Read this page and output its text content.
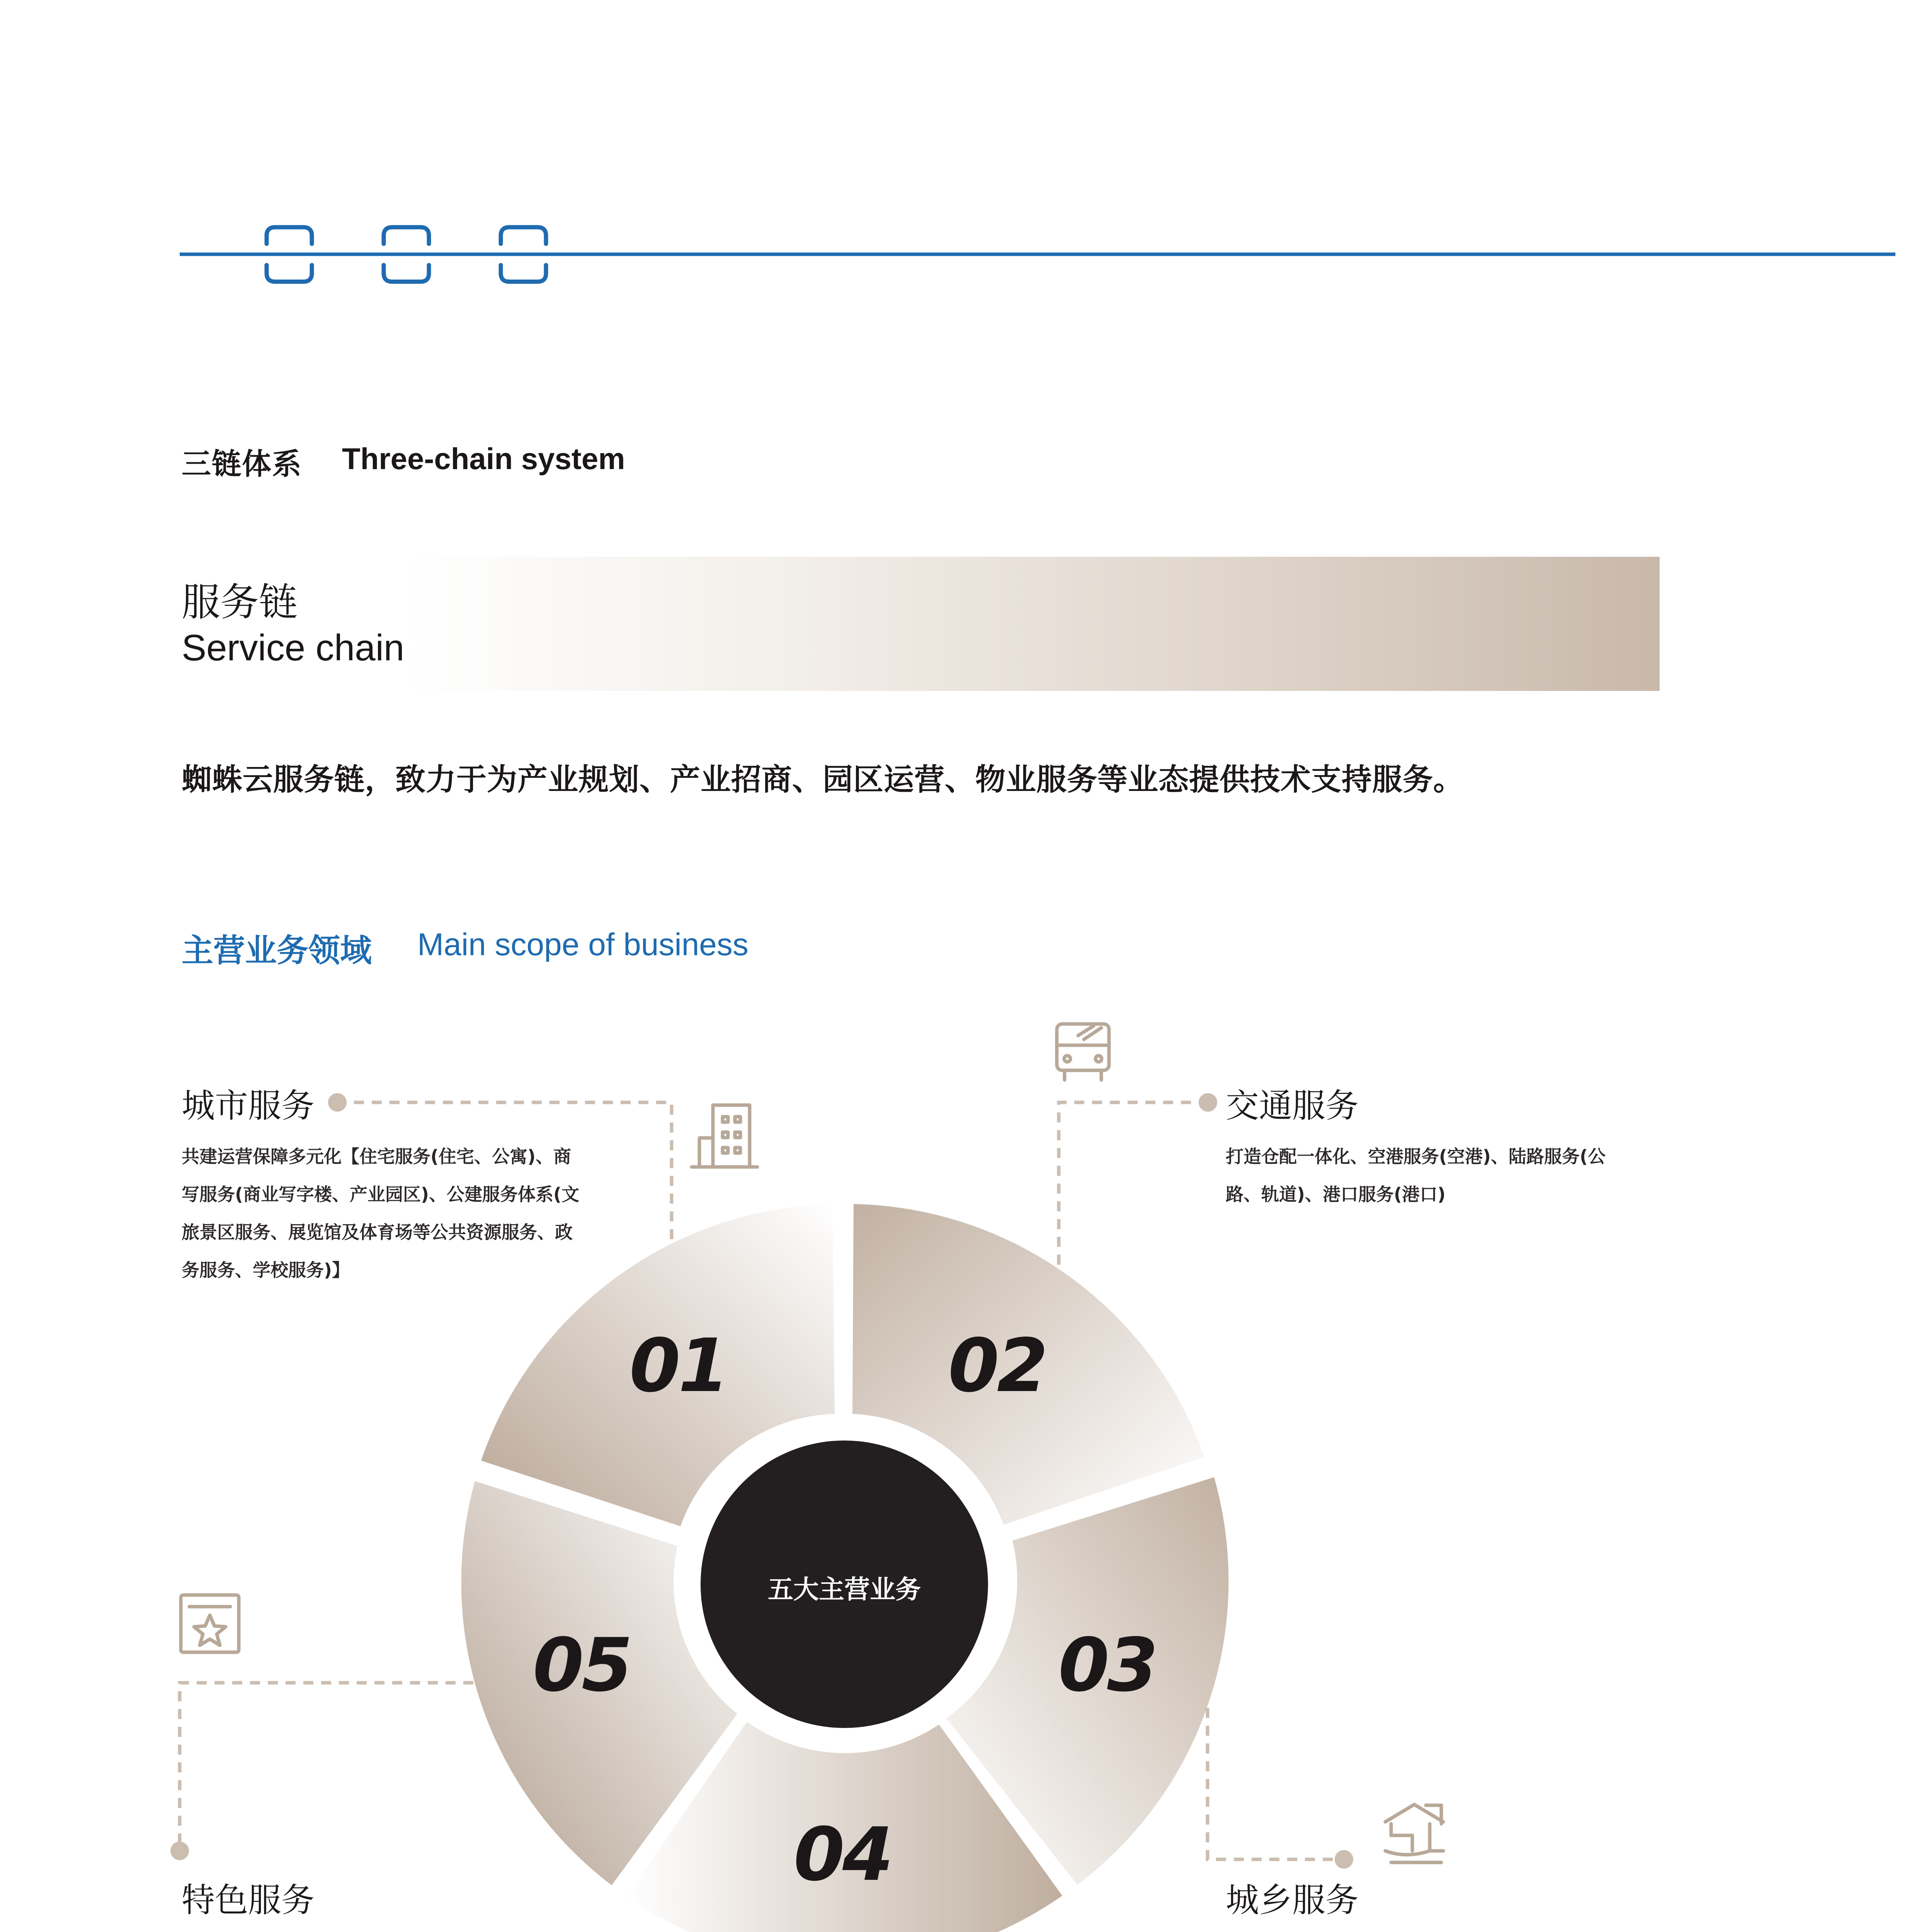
三链体系 Three-chain system
服务链
Service chain
蜘蛛云服务链，致力于为产业规划、产业招商、园区运营、物业服务等业态提供技术支持服务。
主营业务领域 Main scope of business
01	02
03
04
05
五大主营业务
城市服务
共建运营保障多元化【住宅服务(住宅、公寓)、商
写服务(商业写字楼、产业园区)、公建服务体系(文
旅景区服务、展览馆及体育场等公共资源服务、政
务服务、学校服务)】
交通服务
打造仓配一体化、空港服务(空港)、陆路服务(公
路、轨道)、港口服务(港口)
城乡服务
特色服务
